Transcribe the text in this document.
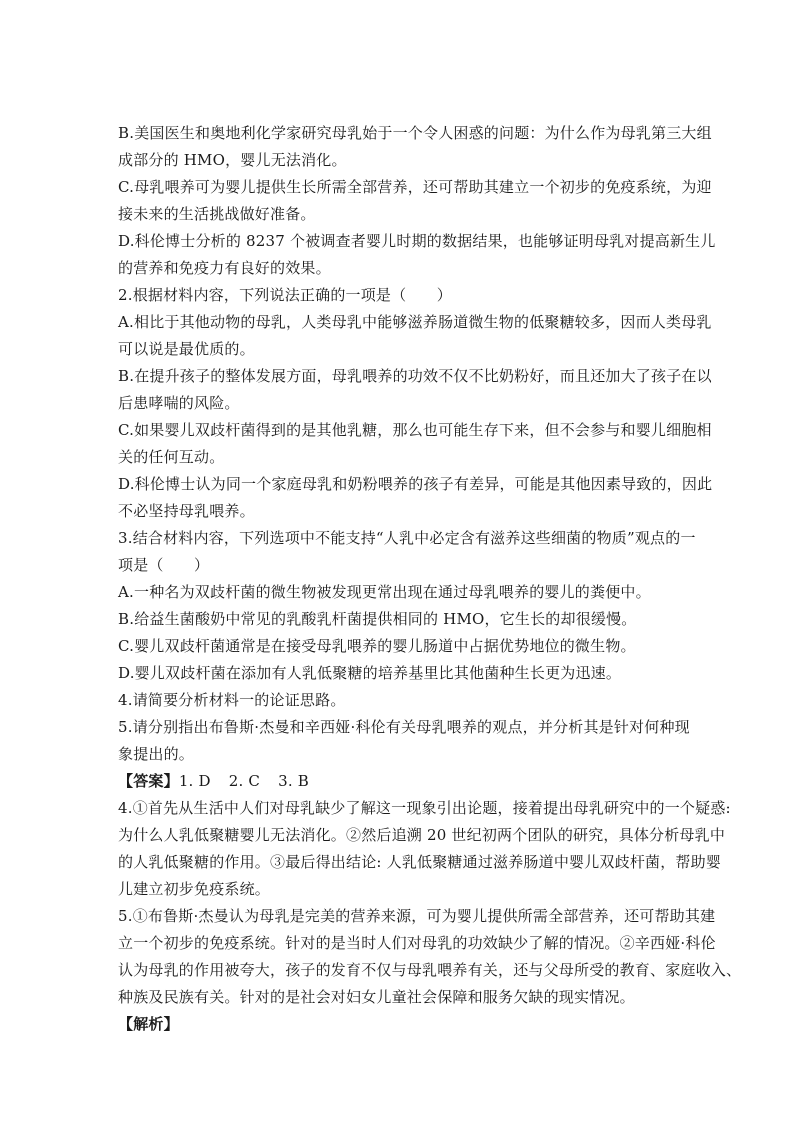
B.美国医生和奥地利化学家研究母乳始于一个令人困惑的问题：为什么作为母乳第三大组
成部分的 HMO，婴儿无法消化。
C.母乳喂养可为婴儿提供生长所需全部营养，还可帮助其建立一个初步的免疫系统，为迎
接未来的生活挑战做好准备。
D.科伦博士分析的 8237 个被调查者婴儿时期的数据结果，也能够证明母乳对提高新生儿
的营养和免疫力有良好的效果。
2.根据材料内容，下列说法正确的一项是（　　）
A.相比于其他动物的母乳，人类母乳中能够滋养肠道微生物的低聚糖较多，因而人类母乳
可以说是最优质的。
B.在提升孩子的整体发展方面，母乳喂养的功效不仅不比奶粉好，而且还加大了孩子在以
后患哮喘的风险。
C.如果婴儿双歧杆菌得到的是其他乳糖，那么也可能生存下来，但不会参与和婴儿细胞相
关的任何互动。
D.科伦博士认为同一个家庭母乳和奶粉喂养的孩子有差异，可能是其他因素导致的，因此
不必坚持母乳喂养。
3.结合材料内容，下列选项中不能支持“人乳中必定含有滋养这些细菌的物质”观点的一
项是（　　）
A.一种名为双歧杆菌的微生物被发现更常出现在通过母乳喂养的婴儿的粪便中。
B.给益生菌酸奶中常见的乳酸乳杆菌提供相同的 HMO，它生长的却很缓慢。
C.婴儿双歧杆菌通常是在接受母乳喂养的婴儿肠道中占据优势地位的微生物。
D.婴儿双歧杆菌在添加有人乳低聚糖的培养基里比其他菌种生长更为迅速。
4.请简要分析材料一的论证思路。
5.请分别指出布鲁斯·杰曼和辛西娅·科伦有关母乳喂养的观点，并分析其是针对何种现
象提出的。
【答案】1. D 2. C 3. B
4.①首先从生活中人们对母乳缺少了解这一现象引出论题，接着提出母乳研究中的一个疑惑:
为什么人乳低聚糖婴儿无法消化。②然后追溯 20 世纪初两个团队的研究，具体分析母乳中
的人乳低聚糖的作用。③最后得出结论: 人乳低聚糖通过滋养肠道中婴儿双歧杆菌，帮助婴
儿建立初步免疫系统。
5.①布鲁斯·杰曼认为母乳是完美的营养来源，可为婴儿提供所需全部营养，还可帮助其建
立一个初步的免疫系统。针对的是当时人们对母乳的功效缺少了解的情况。②辛西娅·科伦
认为母乳的作用被夸大，孩子的发育不仅与母乳喂养有关，还与父母所受的教育、家庭收入、
种族及民族有关。针对的是社会对妇女儿童社会保障和服务欠缺的现实情况。
【解析】
